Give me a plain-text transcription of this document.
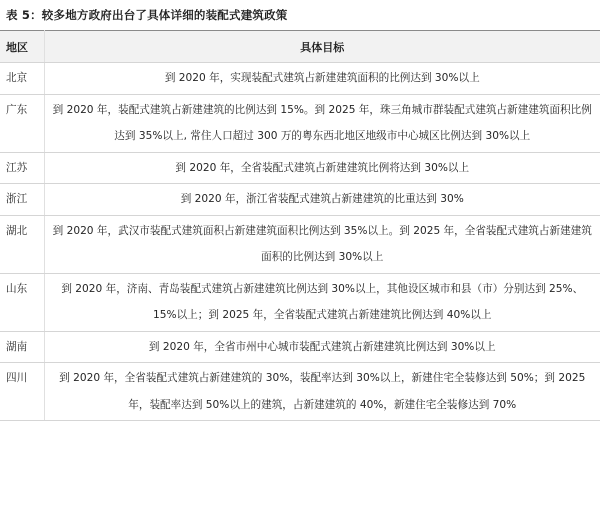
表 5：较多地方政府出台了具体详细的装配式建筑政策
地区	具体目标
北京	到 2020 年，实现装配式建筑占新建建筑面积的比例达到 30%以上
广东	到 2020 年，装配式建筑占新建建筑的比例达到 15%。到 2025 年，珠三角城市群装配式建筑占新建建筑面积比例达到 35%以上, 常住人口超过 300 万的粤东西北地区地级市中心城区比例达到 30%以上
江苏	到 2020 年，全省装配式建筑占新建建筑比例将达到 30%以上
浙江	到 2020 年，浙江省装配式建筑占新建建筑的比重达到 30%
湖北	到 2020 年，武汉市装配式建筑面积占新建建筑面积比例达到 35%以上。到 2025 年，全省装配式建筑占新建建筑面积的比例达到 30%以上
山东	到 2020 年，济南、青岛装配式建筑占新建建筑比例达到 30%以上，其他设区城市和县（市）分别达到 25%、15%以上；到 2025 年，全省装配式建筑占新建建筑比例达到 40%以上
湖南	到 2020 年，全省市州中心城市装配式建筑占新建建筑比例达到 30%以上
四川	到 2020 年，全省装配式建筑占新建建筑的 30%，装配率达到 30%以上，新建住宅全装修达到 50%；到 2025 年，装配率达到 50%以上的建筑，占新建建筑的 40%，新建住宅全装修达到 70%
